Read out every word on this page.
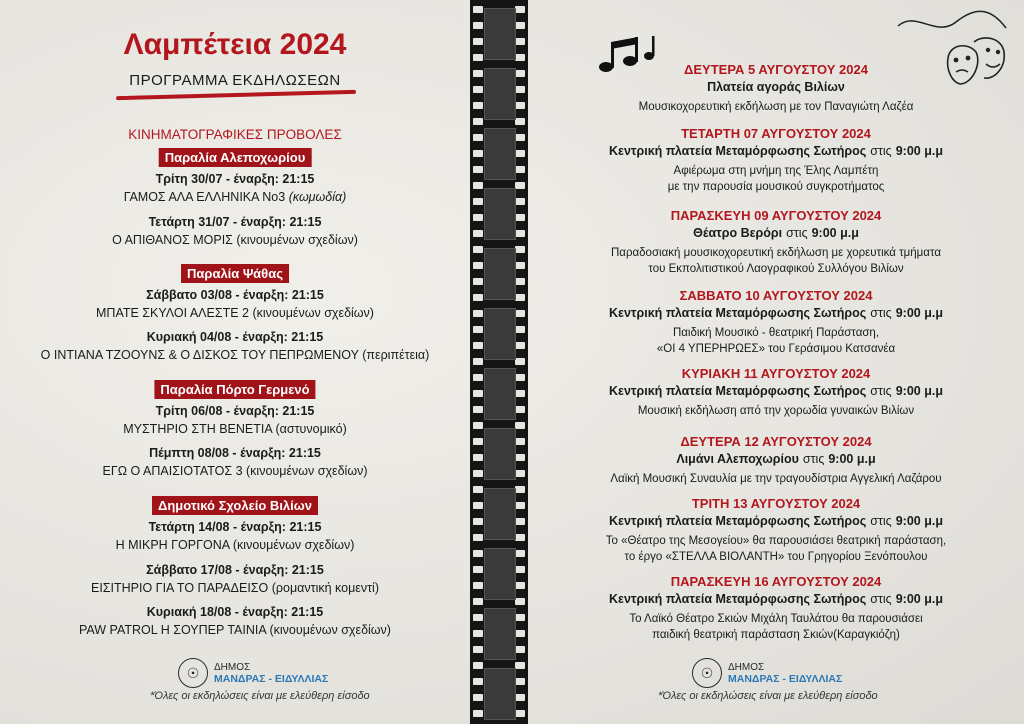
Λαμπέτεια 2024
ΠΡΟΓΡΑΜΜΑ ΕΚΔΗΛΩΣΕΩΝ
ΚΙΝΗΜΑΤΟΓΡΑΦΙΚΕΣ ΠΡΟΒΟΛΕΣ
Παραλία Αλεποχωρίου
Τρίτη 30/07 - έναρξη: 21:15
ΓΑΜΟΣ ΑΛΑ ΕΛΛΗΝΙΚΑ Νο3 (κωμωδία)
Τετάρτη 31/07 - έναρξη: 21:15
Ο ΑΠΙΘΑΝΟΣ ΜΟΡΙΣ (κινουμένων σχεδίων)
Παραλία Ψάθας
Σάββατο 03/08 - έναρξη: 21:15
ΜΠΑΤΕ ΣΚΥΛΟΙ ΑΛΕΣΤΕ 2 (κινουμένων σχεδίων)
Κυριακή 04/08 - έναρξη: 21:15
Ο ΙΝΤΙΑΝΑ ΤΖΟΟΥΝΣ & Ο ΔΙΣΚΟΣ ΤΟΥ ΠΕΠΡΩΜΕΝΟΥ (περιπέτεια)
Παραλία Πόρτο Γερμενό
Τρίτη 06/08 - έναρξη: 21:15
ΜΥΣΤΗΡΙΟ ΣΤΗ ΒΕΝΕΤΙΑ (αστυνομικό)
Πέμπτη 08/08 - έναρξη: 21:15
ΕΓΩ Ο ΑΠΑΙΣΙΟΤΑΤΟΣ 3 (κινουμένων σχεδίων)
Δημοτικό Σχολείο Βιλίων
Τετάρτη 14/08 - έναρξη: 21:15
Η ΜΙΚΡΗ ΓΟΡΓΟΝΑ (κινουμένων σχεδίων)
Σάββατο 17/08 - έναρξη: 21:15
ΕΙΣΙΤΗΡΙΟ ΓΙΑ ΤΟ ΠΑΡΑΔΕΙΣΟ (ρομαντική κομεντί)
Κυριακή 18/08 - έναρξη: 21:15
PAW PATROL Η ΣΟΥΠΕΡ ΤΑΙΝΙΑ (κινουμένων σχεδίων)
☉	ΔΗΜΟΣ
ΜΑΝΔΡΑΣ - ΕΙΔΥΛΛΙΑΣ
*Όλες οι εκδηλώσεις είναι με ελεύθερη είσοδο
ΔΕΥΤΕΡΑ 5 ΑΥΓΟΥΣΤΟΥ 2024
Πλατεία αγοράς Βιλίων
Μουσικοχορευτική εκδήλωση με τον Παναγιώτη Λαζέα
ΤΕΤΑΡΤΗ 07 ΑΥΓΟΥΣΤΟΥ 2024
Κεντρική πλατεία Μεταμόρφωσης Σωτήρος στις 9:00 μ.μ
Αφιέρωμα στη μνήμη της Έλης Λαμπέτη
με την παρουσία μουσικού συγκροτήματος
ΠΑΡΑΣΚΕΥΗ 09 ΑΥΓΟΥΣΤΟΥ 2024
Θέατρο Βερόρι στις 9:00 μ.μ
Παραδοσιακή μουσικοχορευτική εκδήλωση με χορευτικά τμήματα
του Εκπολιτιστικού Λαογραφικού Συλλόγου Βιλίων
ΣΑΒΒΑΤΟ 10 ΑΥΓΟΥΣΤΟΥ 2024
Κεντρική πλατεία Μεταμόρφωσης Σωτήρος στις 9:00 μ.μ
Παιδική Μουσικό - θεατρική Παράσταση,
«ΟΙ 4 ΥΠΕΡΗΡΩΕΣ» του Γεράσιμου Κατσανέα
ΚΥΡΙΑΚΗ 11 ΑΥΓΟΥΣΤΟΥ 2024
Κεντρική πλατεία Μεταμόρφωσης Σωτήρος στις 9:00 μ.μ
Μουσική εκδήλωση από την χορωδία γυναικών Βιλίων
ΔΕΥΤΕΡΑ 12 ΑΥΓΟΥΣΤΟΥ 2024
Λιμάνι Αλεποχωρίου στις 9:00 μ.μ
Λαϊκή Μουσική Συναυλία με την τραγουδίστρια Αγγελική Λαζάρου
ΤΡΙΤΗ 13 ΑΥΓΟΥΣΤΟΥ 2024
Κεντρική πλατεία Μεταμόρφωσης Σωτήρος στις 9:00 μ.μ
Το «Θέατρο της Μεσογείου» θα παρουσιάσει θεατρική παράσταση,
το έργο «ΣΤΕΛΛΑ ΒΙΟΛΑΝΤΗ» του Γρηγορίου Ξενόπουλου
ΠΑΡΑΣΚΕΥΗ 16 ΑΥΓΟΥΣΤΟΥ 2024
Κεντρική πλατεία Μεταμόρφωσης Σωτήρος στις 9:00 μ.μ
Το Λαϊκό Θέατρο Σκιών Μιχάλη Ταυλάτου θα παρουσιάσει
παιδική θεατρική παράσταση Σκιών(Καραγκιόζη)
☉	ΔΗΜΟΣ
ΜΑΝΔΡΑΣ - ΕΙΔΥΛΛΙΑΣ
*Όλες οι εκδηλώσεις είναι με ελεύθερη είσοδο
